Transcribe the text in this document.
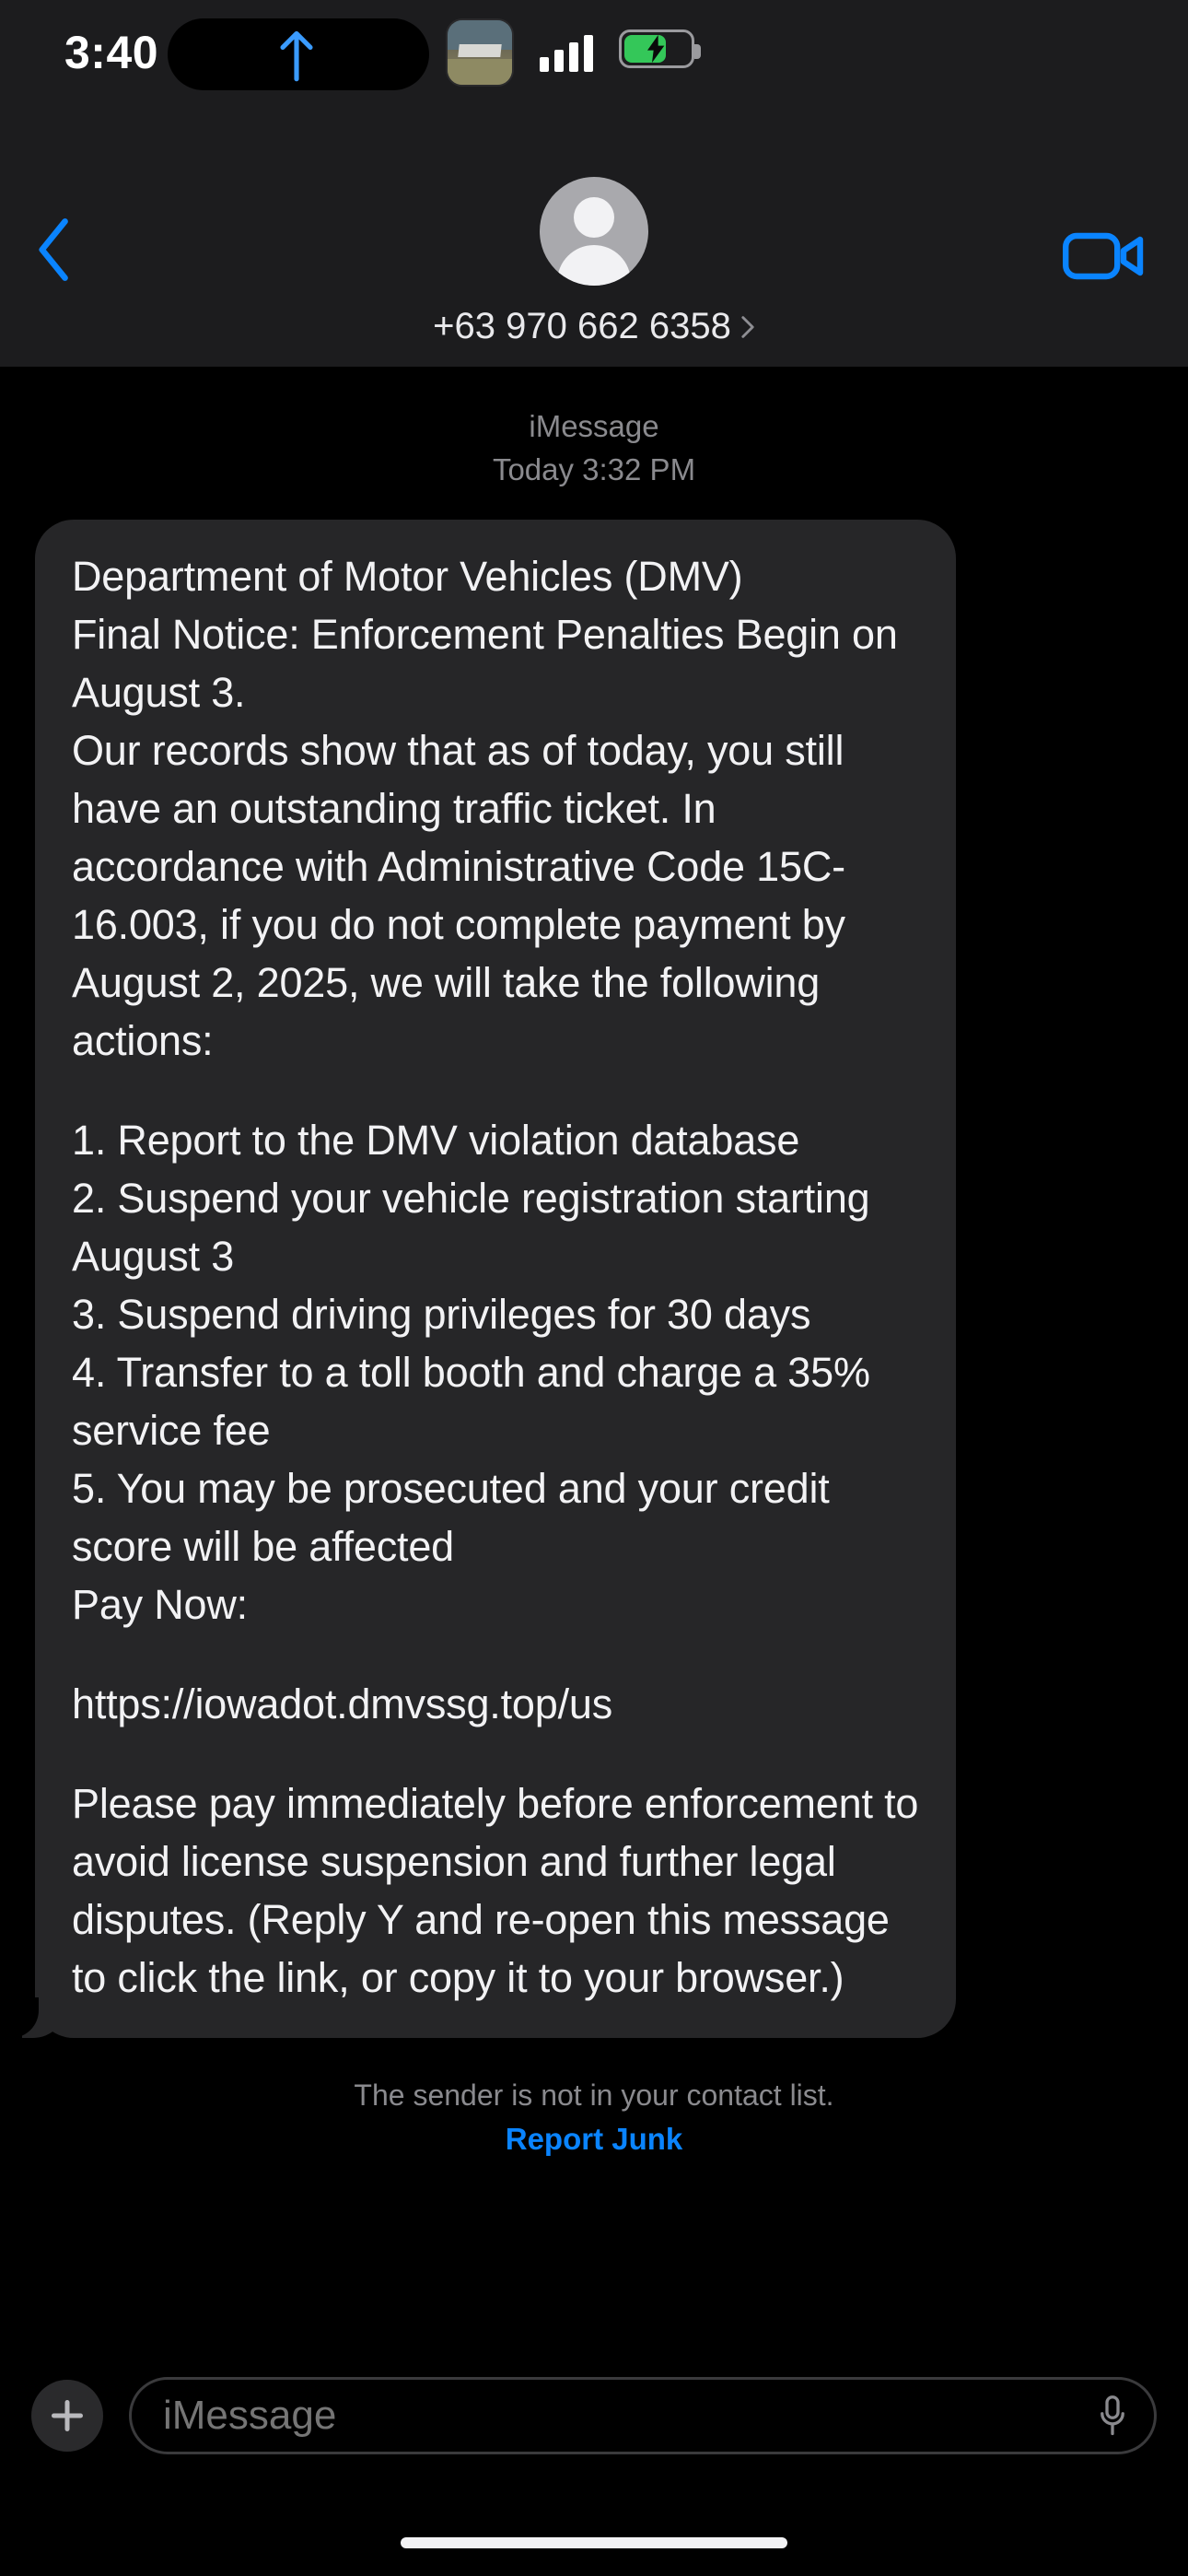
3:40
+63 970 662 6358
iMessage
Today 3:32 PM

Department of Motor Vehicles (DMV)

Final Notice: Enforcement Penalties Begin on August 3.

Our records show that as of today, you still have an outstanding traffic ticket. In accordance with Administrative Code 15C-16.003, if you do not complete payment by August 2, 2025, we will take the following actions:

1. Report to the DMV violation database

2. Suspend your vehicle registration starting August 3

3. Suspend driving privileges for 30 days

4. Transfer to a toll booth and charge a 35% service fee

5. You may be prosecuted and your credit score will be affected

Pay Now:

https://iowadot.dmvssg.top/us

Please pay immediately before enforcement to avoid license suspension and further legal disputes. (Reply Y and re-open this message to click the link, or copy it to your browser.)

The sender is not in your contact list.
Report Junk
iMessage
